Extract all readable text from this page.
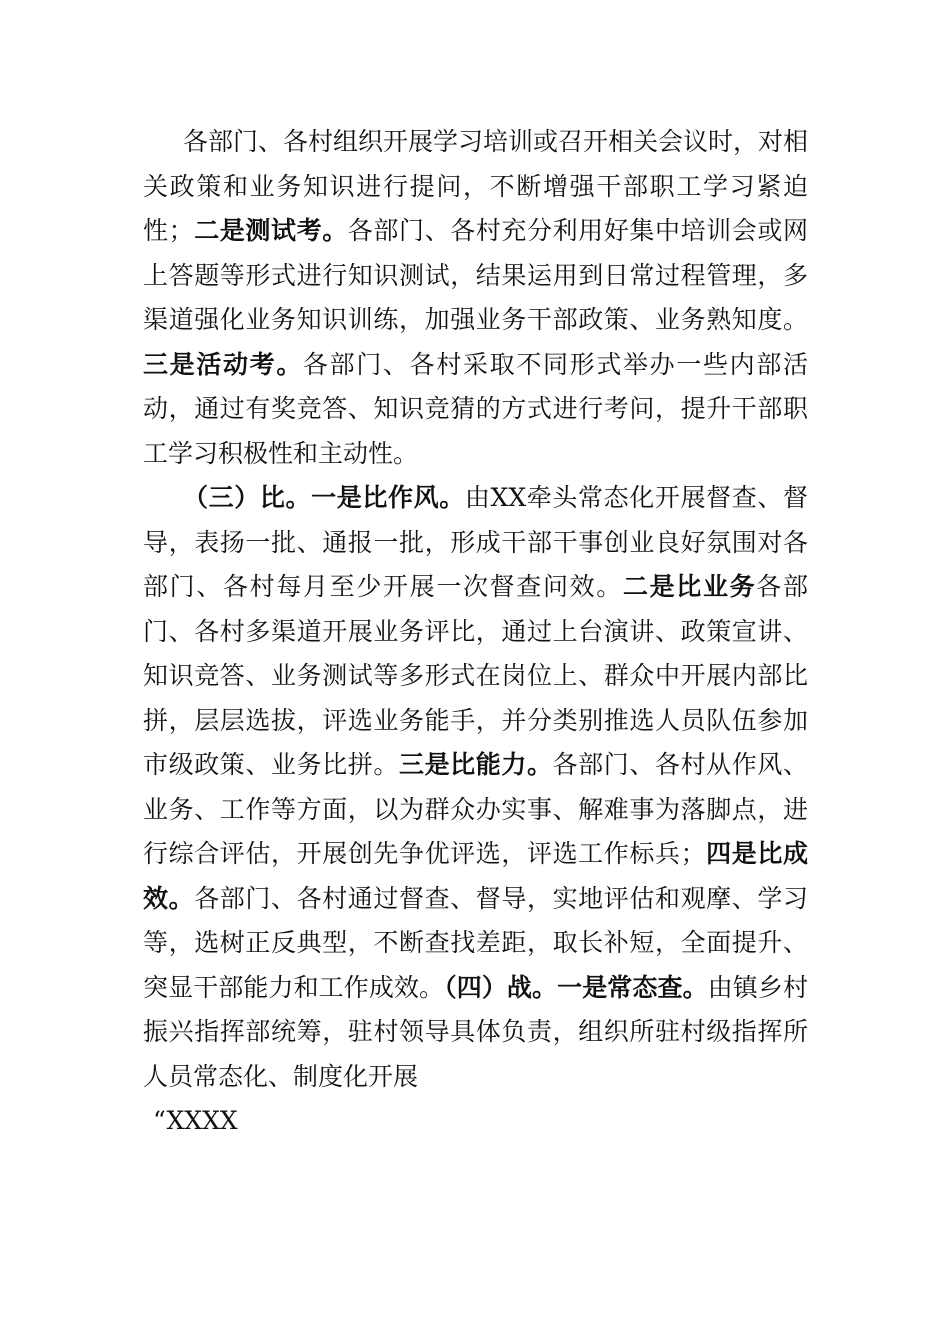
各部门、各村组织开展学习培训或召开相关会议时，对相关政策和业务知识进行提问，不断增强干部职工学习紧迫性；二是测试考。各部门、各村充分利用好集中培训会或网上答题等形式进行知识测试，结果运用到日常过程管理，多渠道强化业务知识训练，加强业务干部政策、业务熟知度。三是活动考。各部门、各村采取不同形式举办一些内部活动，通过有奖竞答、知识竞猜的方式进行考问，提升干部职工学习积极性和主动性。

（三）比。一是比作风。由XX牵头常态化开展督查、督导，表扬一批、通报一批，形成干部干事创业良好氛围对各部门、各村每月至少开展一次督查问效。二是比业务各部门、各村多渠道开展业务评比，通过上台演讲、政策宣讲、知识竞答、业务测试等多形式在岗位上、群众中开展内部比拼，层层选拔，评选业务能手，并分类别推选人员队伍参加市级政策、业务比拼。三是比能力。各部门、各村从作风、业务、工作等方面，以为群众办实事、解难事为落脚点，进行综合评估，开展创先争优评选，评选工作标兵；四是比成效。各部门、各村通过督查、督导，实地评估和观摩、学习等，选树正反典型，不断查找差距，取长补短，全面提升、突显干部能力和工作成效。（四）战。一是常态查。由镇乡村振兴指挥部统筹，驻村领导具体负责，组织所驻村级指挥所人员常态化、制度化开展

“XXXX
